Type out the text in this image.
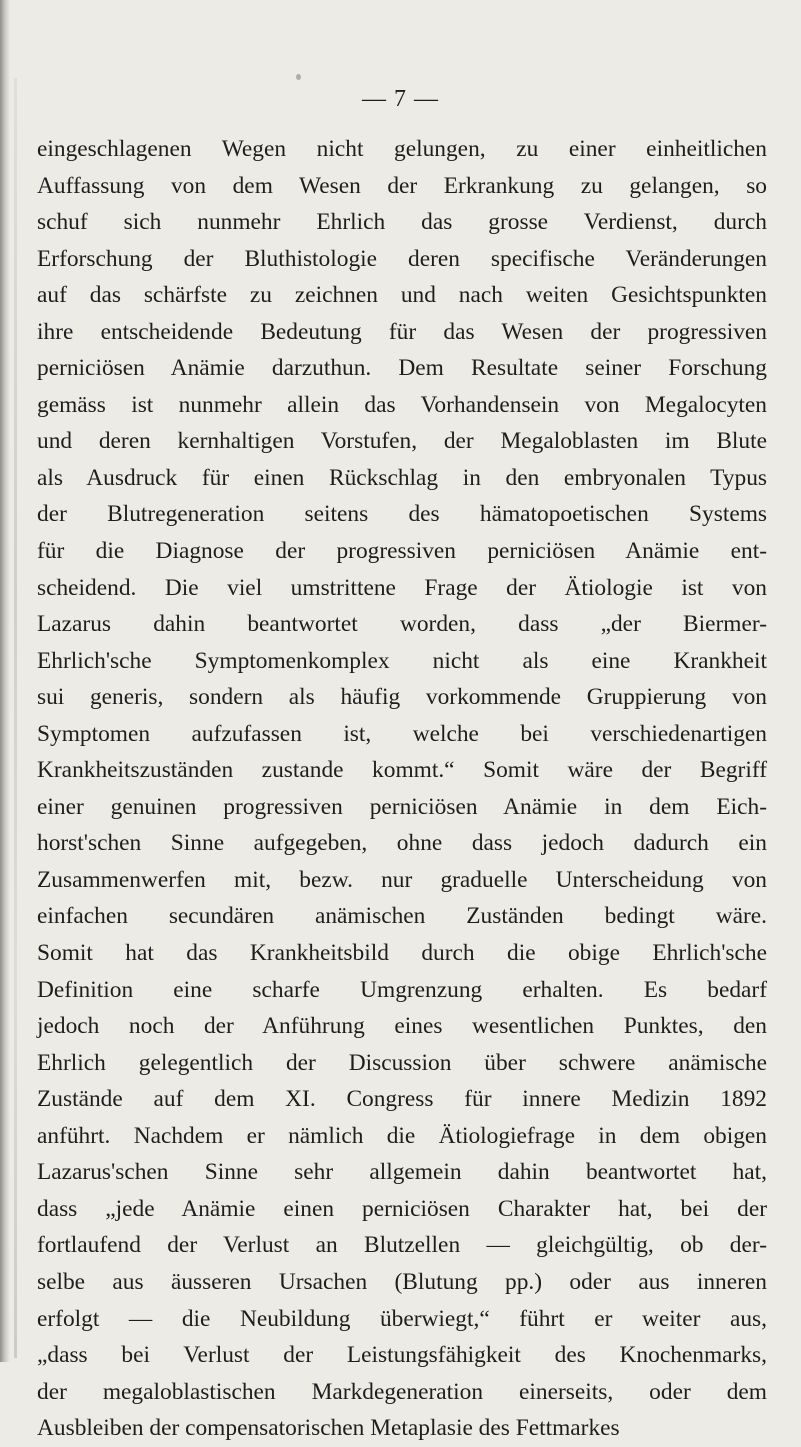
— 7 —
eingeschlagenen Wegen nicht gelungen, zu einer einheitlichen
Auffassung von dem Wesen der Erkrankung zu gelangen, so
schuf sich nunmehr Ehrlich das grosse Verdienst, durch
Erforschung der Bluthistologie deren specifische Veränderungen
auf das schärfste zu zeichnen und nach weiten Gesichtspunkten
ihre entscheidende Bedeutung für das Wesen der progressiven
perniciösen Anämie darzuthun. Dem Resultate seiner Forschung
gemäss ist nunmehr allein das Vorhandensein von Megalocyten
und deren kernhaltigen Vorstufen, der Megaloblasten im Blute
als Ausdruck für einen Rückschlag in den embryonalen Typus
der Blutregeneration seitens des hämatopoetischen Systems
für die Diagnose der progressiven perniciösen Anämie ent-
scheidend. Die viel umstrittene Frage der Ätiologie ist von
Lazarus dahin beantwortet worden, dass „der Biermer-
Ehrlich'sche Symptomenkomplex nicht als eine Krankheit
sui generis, sondern als häufig vorkommende Gruppierung von
Symptomen aufzufassen ist, welche bei verschiedenartigen
Krankheitszuständen zustande kommt.“ Somit wäre der Begriff
einer genuinen progressiven perniciösen Anämie in dem Eich-
horst'schen Sinne aufgegeben, ohne dass jedoch dadurch ein
Zusammenwerfen mit, bezw. nur graduelle Unterscheidung von
einfachen secundären anämischen Zuständen bedingt wäre.
Somit hat das Krankheitsbild durch die obige Ehrlich'sche
Definition eine scharfe Umgrenzung erhalten. Es bedarf
jedoch noch der Anführung eines wesentlichen Punktes, den
Ehrlich gelegentlich der Discussion über schwere anämische
Zustände auf dem XI. Congress für innere Medizin 1892
anführt. Nachdem er nämlich die Ätiologiefrage in dem obigen
Lazarus'schen Sinne sehr allgemein dahin beantwortet hat,
dass „jede Anämie einen perniciösen Charakter hat, bei der
fortlaufend der Verlust an Blutzellen — gleichgültig, ob der-
selbe aus äusseren Ursachen (Blutung pp.) oder aus inneren
erfolgt — die Neubildung überwiegt,“ führt er weiter aus,
„dass bei Verlust der Leistungsfähigkeit des Knochenmarks,
der megaloblastischen Markdegeneration einerseits, oder dem
Ausbleiben der compensatorischen Metaplasie des Fettmarkes
